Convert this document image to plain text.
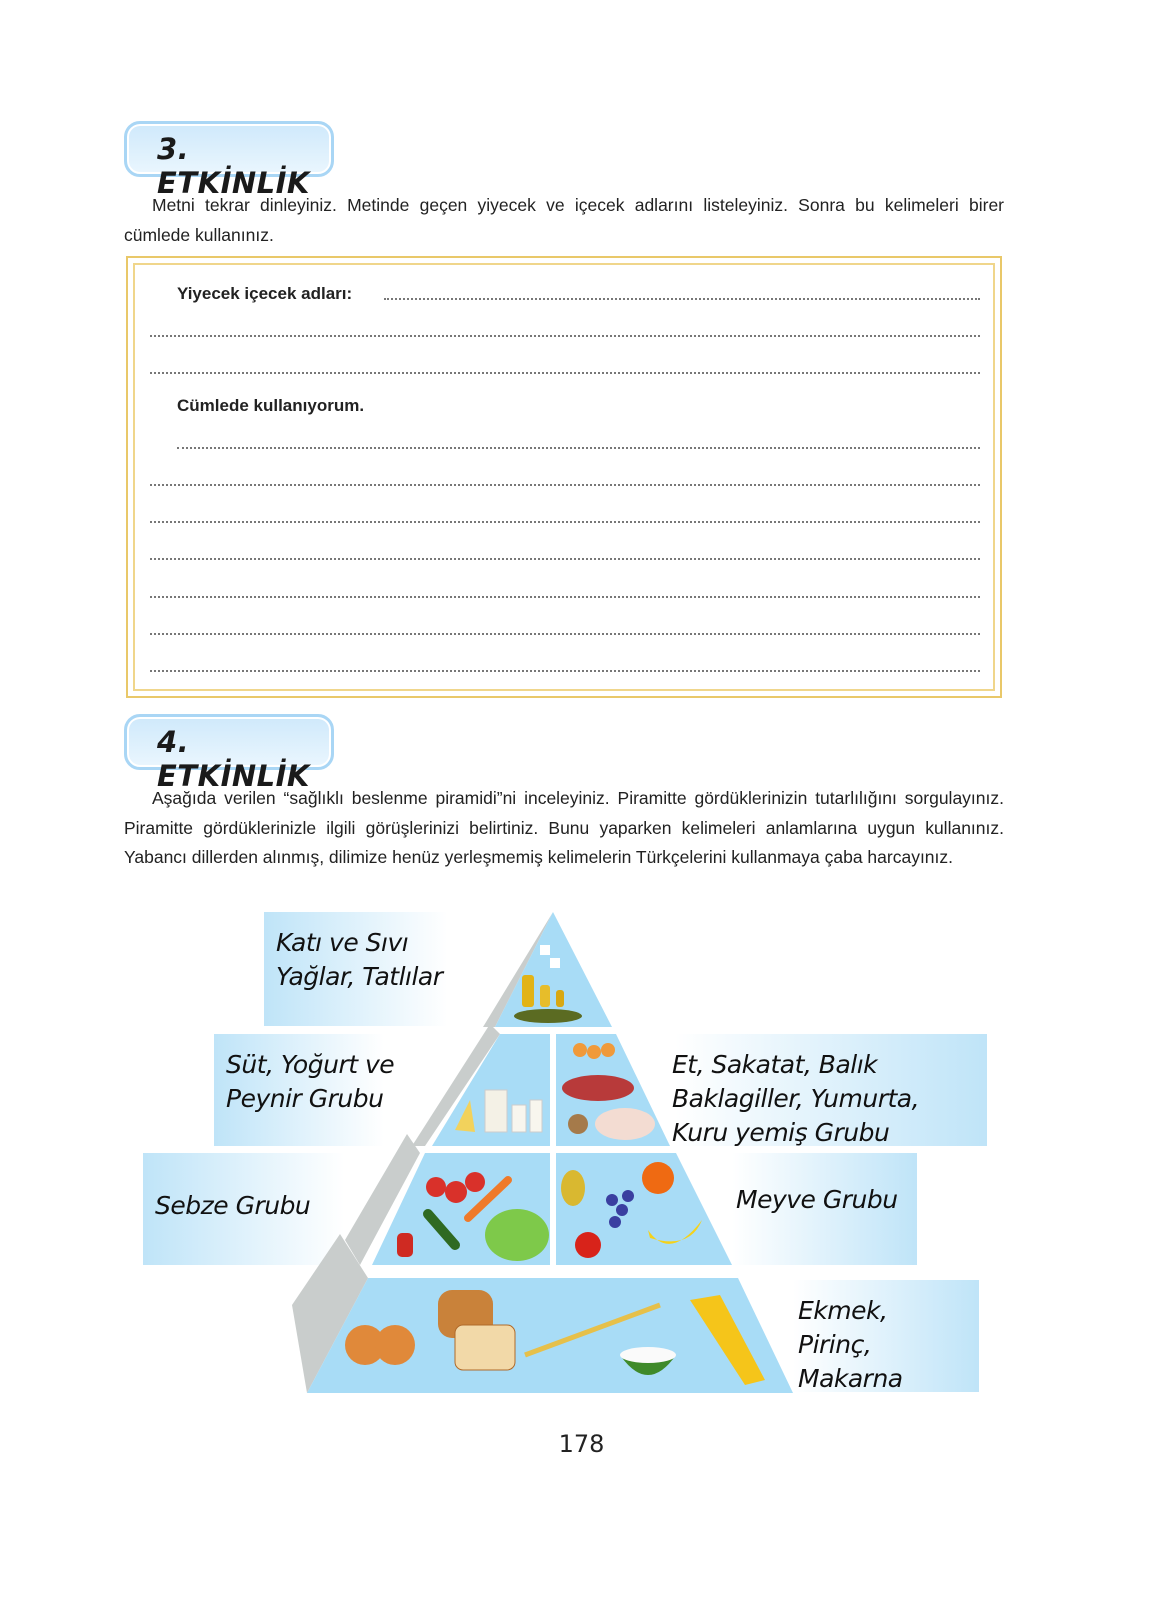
3. ETKİNLİK
Metni tekrar dinleyiniz. Metinde geçen yiyecek ve içecek adlarını listeleyiniz. Sonra bu kelimeleri birer cümlede kullanınız.
Yiyecek içecek adları:
Cümlede kullanıyorum.
4. ETKİNLİK
Aşağıda verilen “sağlıklı beslenme piramidi”ni inceleyiniz. Piramitte gördüklerinizin tutarlılığını sorgulayınız. Piramitte gördüklerinizle ilgili görüşlerinizi belirtiniz. Bunu yaparken kelimeleri anlamlarına uygun kullanınız. Yabancı dillerden alınmış, dilimize henüz yerleşmemiş kelimelerin Türkçelerini kullanmaya çaba harcayınız.
Katı ve Sıvı Yağlar, Tatlılar
Süt, Yoğurt ve Peynir Grubu
Et, Sakatat, Balık Baklagiller, Yumurta, Kuru yemiş Grubu
Sebze Grubu	Meyve Grubu
Ekmek, Pirinç, Makarna
178
